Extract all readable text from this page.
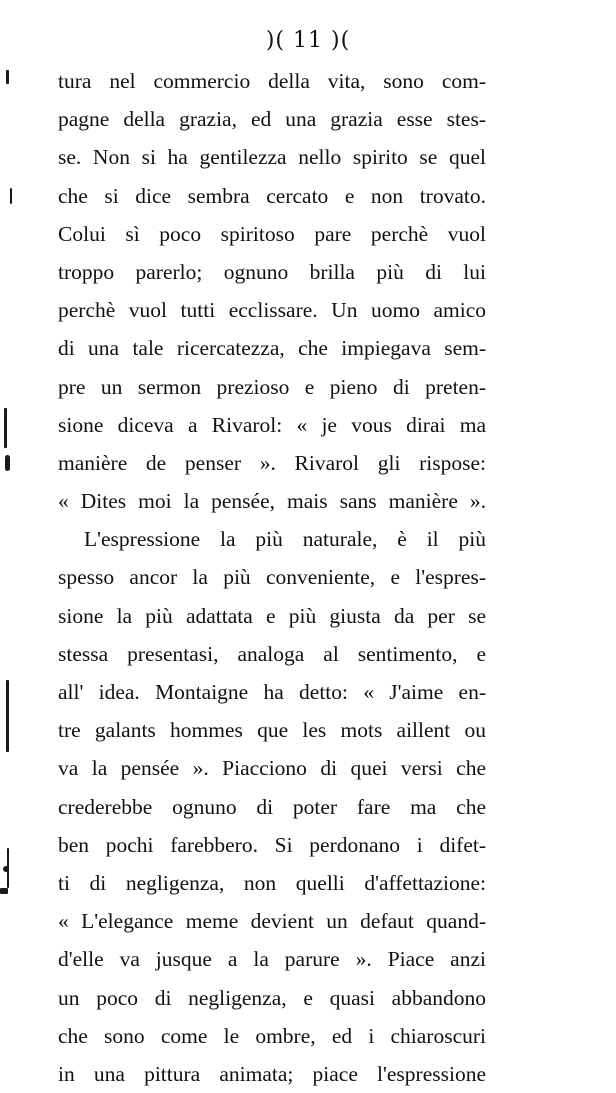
)( 11 )(
tura nel commercio della vita, sono com-
pagne della grazia, ed una grazia esse stes-
se. Non si ha gentilezza nello spirito se quel
che si dice sembra cercato e non trovato.
Colui sì poco spiritoso pare perchè vuol
troppo parerlo; ognuno brilla più di lui
perchè vuol tutti ecclissare. Un uomo amico
di una tale ricercatezza, che impiegava sem-
pre un sermon prezioso e pieno di preten-
sione diceva a Rivarol: « je vous dirai ma
manière de penser ». Rivarol gli rispose:
« Dites moi la pensée, mais sans manière ».
L'espressione la più naturale, è il più
spesso ancor la più conveniente, e l'espres-
sione la più adattata e più giusta da per se
stessa presentasi, analoga al sentimento, e
all' idea. Montaigne ha detto: « J'aime en-
tre galants hommes que les mots aillent ou
va la pensée ». Piacciono di quei versi che
crederebbe ognuno di poter fare ma che
ben pochi farebbero. Si perdonano i difet-
ti di negligenza, non quelli d'affettazione:
« L'elegance meme devient un defaut quand-
d'elle va jusque a la parure ». Piace anzi
un poco di negligenza, e quasi abbandono
che sono come le ombre, ed i chiaroscuri
in una pittura animata; piace l'espressione
